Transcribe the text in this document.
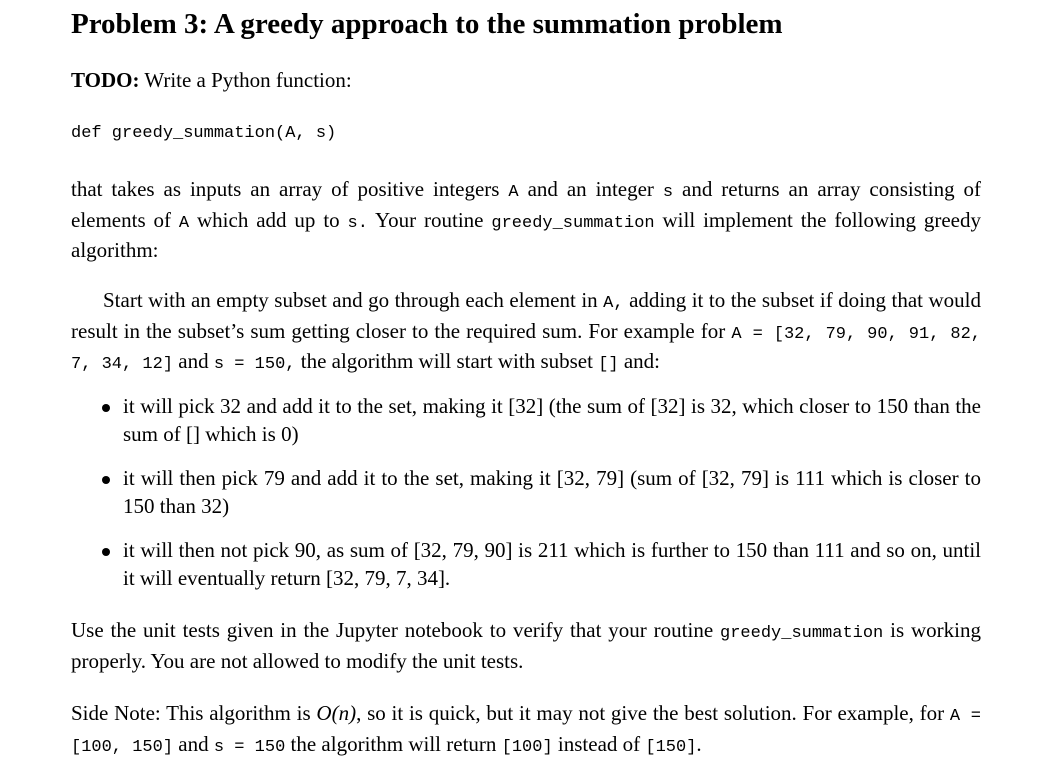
Problem 3: A greedy approach to the summation problem
TODO: Write a Python function:
def greedy_summation(A, s)

that takes as inputs an array of positive integers A and an integer s and returns an array consisting of elements of A which add up to s. Your routine greedy_summation will implement the following greedy algorithm:

Start with an empty subset and go through each element in A, adding it to the subset if doing that would result in the subset’s sum getting closer to the required sum. For example for A = [32, 79, 90, 91, 82, 7, 34, 12] and s = 150, the algorithm will start with subset [] and:

it will pick 32 and add it to the set, making it [32] (the sum of [32] is 32, which closer to 150 than the sum of [] which is 0)
it will then pick 79 and add it to the set, making it [32, 79] (sum of [32, 79] is 111 which is closer to 150 than 32)
it will then not pick 90, as sum of [32, 79, 90] is 211 which is further to 150 than 111 and so on, until it will eventually return [32, 79, 7, 34].

Use the unit tests given in the Jupyter notebook to verify that your routine greedy_summation is working properly. You are not allowed to modify the unit tests.

Side Note: This algorithm is O(n), so it is quick, but it may not give the best solution. For example, for A = [100, 150] and s = 150 the algorithm will return [100] instead of [150].
